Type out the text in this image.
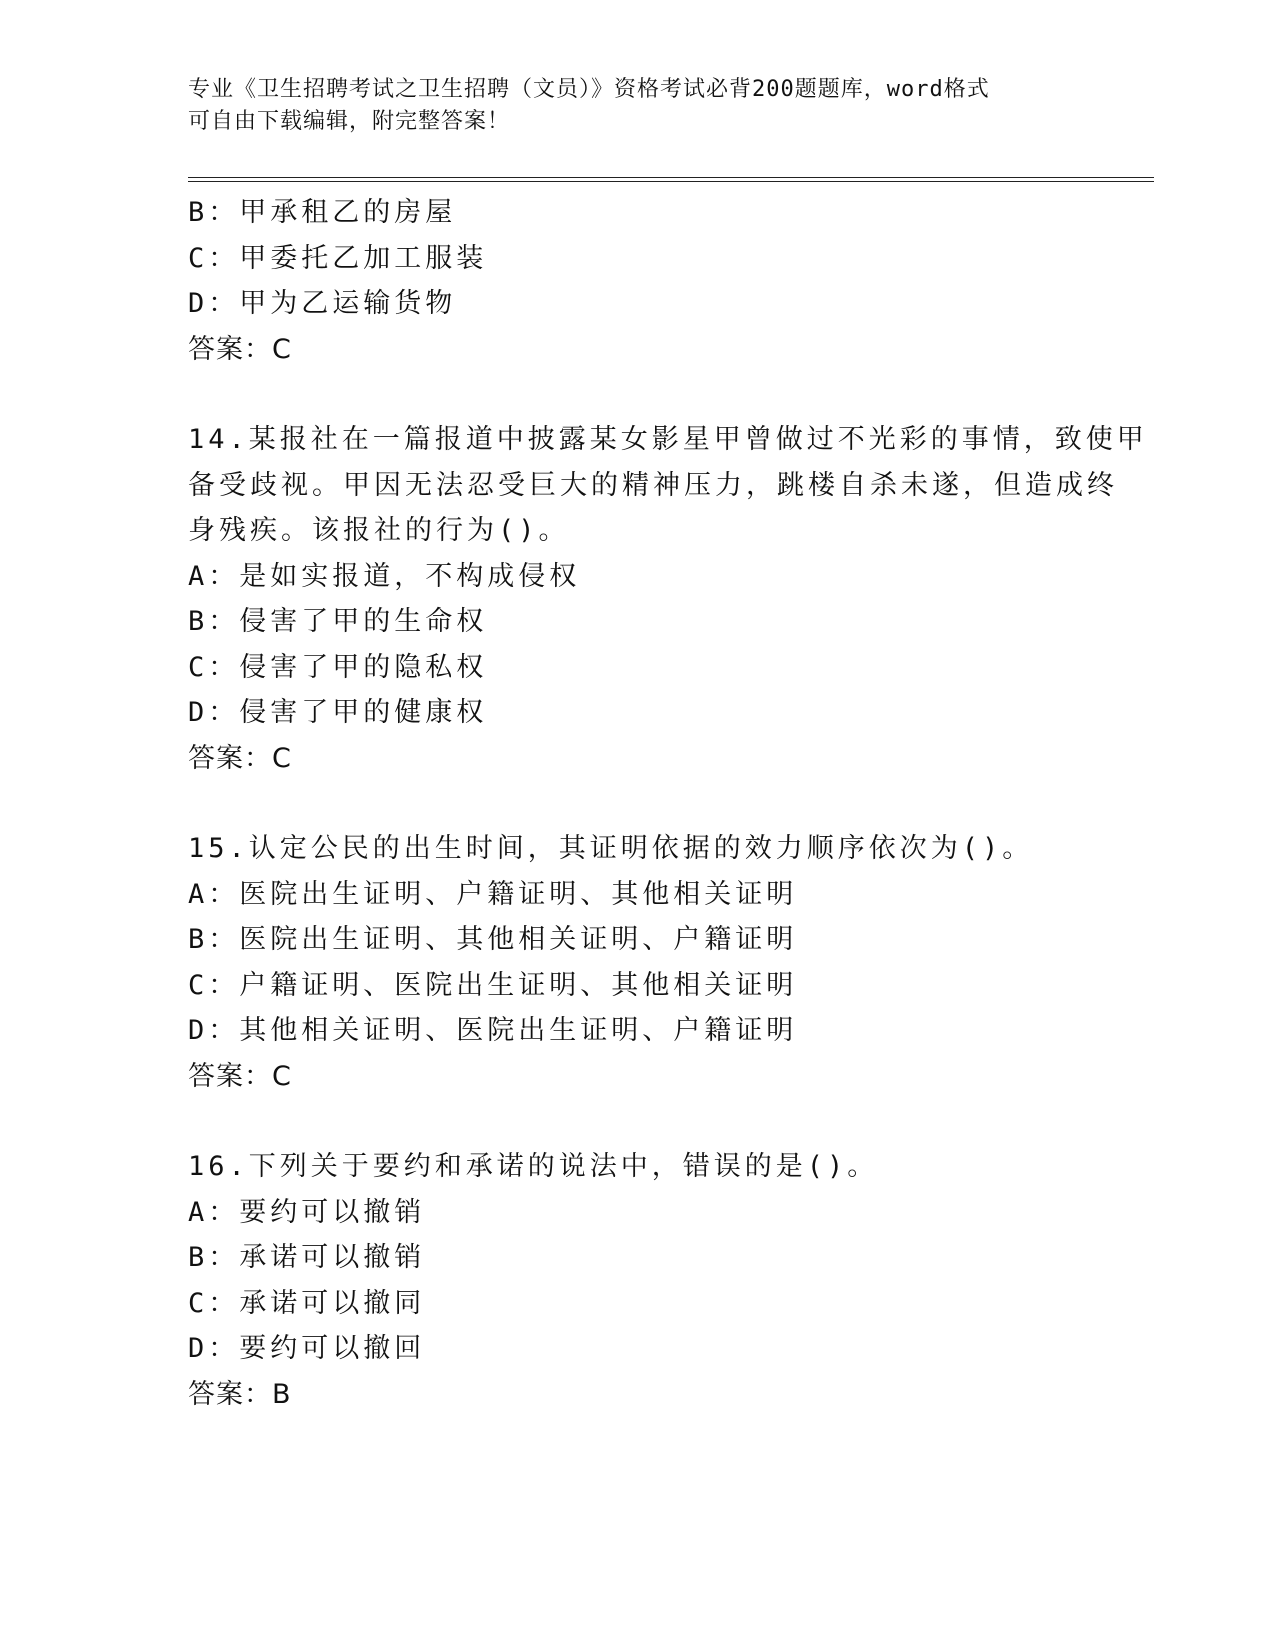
专业《卫生招聘考试之卫生招聘（文员）》资格考试必背200题题库，word格式
可自由下载编辑，附完整答案！
B：甲承租乙的房屋
C：甲委托乙加工服装
D：甲为乙运输货物
答案：C
14.某报社在一篇报道中披露某女影星甲曾做过不光彩的事情，致使甲
备受歧视。甲因无法忍受巨大的精神压力，跳楼自杀未遂，但造成终
身残疾。该报社的行为()。
A：是如实报道，不构成侵权
B：侵害了甲的生命权
C：侵害了甲的隐私权
D：侵害了甲的健康权
答案：C
15.认定公民的出生时间，其证明依据的效力顺序依次为()。
A：医院出生证明、户籍证明、其他相关证明
B：医院出生证明、其他相关证明、户籍证明
C：户籍证明、医院出生证明、其他相关证明
D：其他相关证明、医院出生证明、户籍证明
答案：C
16.下列关于要约和承诺的说法中，错误的是()。
A：要约可以撤销
B：承诺可以撤销
C：承诺可以撤同
D：要约可以撤回
答案：B
